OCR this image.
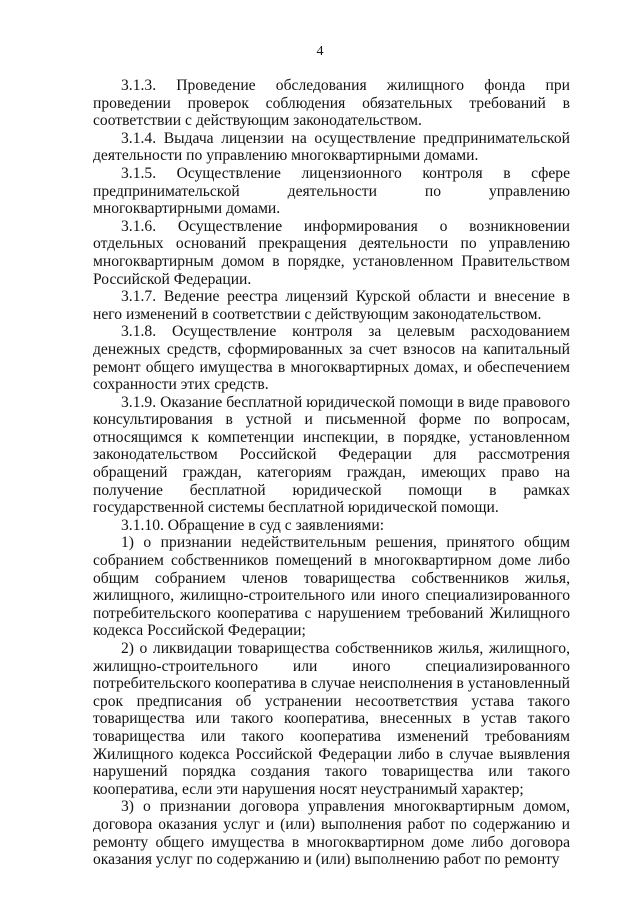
4

3.1.3. Проведение обследования жилищного фонда при проведении проверок соблюдения обязательных требований в соответствии с действующим законодательством.

3.1.4. Выдача лицензии на осуществление предпринимательской деятельности по управлению многоквартирными домами.

3.1.5. Осуществление лицензионного контроля в сфере предпринимательской деятельности по управлению многоквартирными домами.

3.1.6. Осуществление информирования о возникновении отдельных оснований прекращения деятельности по управлению многоквартирным домом в порядке, установленном Правительством Российской Федерации.

3.1.7. Ведение реестра лицензий Курской области и внесение в него изменений в соответствии с действующим законодательством.

3.1.8. Осуществление контроля за целевым расходованием денежных средств, сформированных за счет взносов на капитальный ремонт общего имущества в многоквартирных домах, и обеспечением сохранности этих средств.

3.1.9. Оказание бесплатной юридической помощи в виде правового консультирования в устной и письменной форме по вопросам, относящимся к компетенции инспекции, в порядке, установленном законодательством Российской Федерации для рассмотрения обращений граждан, категориям граждан, имеющих право на получение бесплатной юридической помощи в рамках государственной системы бесплатной юридической помощи.

3.1.10. Обращение в суд с заявлениями:

1) о признании недействительным решения, принятого общим собранием собственников помещений в многоквартирном доме либо общим собранием членов товарищества собственников жилья, жилищного, жилищно-строительного или иного специализированного потребительского кооператива с нарушением требований Жилищного кодекса Российской Федерации;

2) о ликвидации товарищества собственников жилья, жилищного, жилищно-строительного или иного специализированного потребительского кооператива в случае неисполнения в установленный срок предписания об устранении несоответствия устава такого товарищества или такого кооператива, внесенных в устав такого товарищества или такого кооператива изменений требованиям Жилищного кодекса Российской Федерации либо в случае выявления нарушений порядка создания такого товарищества или такого кооператива, если эти нарушения носят неустранимый характер;

3) о признании договора управления многоквартирным домом, договора оказания услуг и (или) выполнения работ по содержанию и ремонту общего имущества в многоквартирном доме либо договора оказания услуг по содержанию и (или) выполнению работ по ремонту
